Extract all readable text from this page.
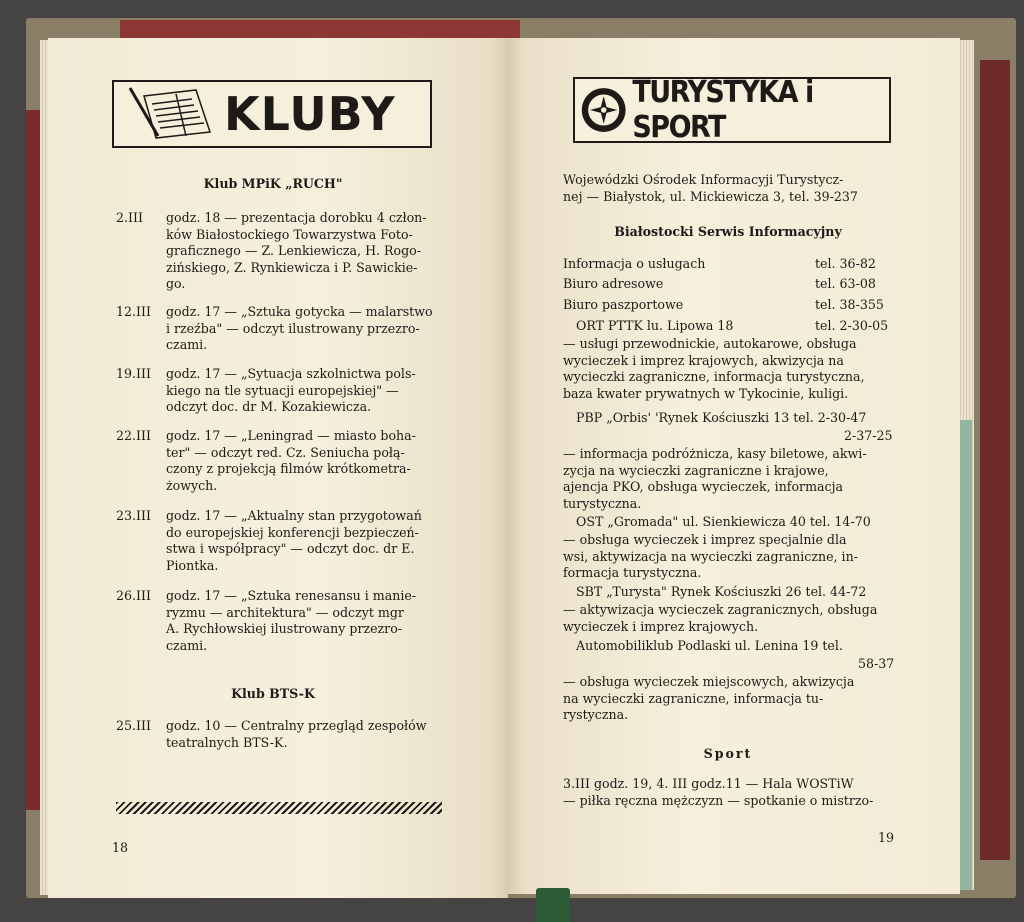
KLUBY
Klub MPiK „RUCH"
2.III	godz. 18 — prezentacja dorobku 4 człon-
ków Białostockiego Towarzystwa Foto-
graficznego — Z. Lenkiewicza, H. Rogo-
zińskiego, Z. Rynkiewicza i P. Sawickie-
go.
12.III	godz. 17 — „Sztuka gotycka — malarstwo
i rzeźba" — odczyt ilustrowany przezro-
czami.
19.III	godz. 17 — „Sytuacja szkolnictwa pols-
kiego na tle sytuacji europejskiej" —
odczyt doc. dr M. Kozakiewicza.
22.III	godz. 17 — „Leningrad — miasto boha-
ter" — odczyt red. Cz. Seniucha połą-
czony z projekcją filmów krótkometra-
żowych.
23.III	godz. 17 — „Aktualny stan przygotowań
do europejskiej konferencji bezpieczeń-
stwa i współpracy" — odczyt doc. dr E.
Piontka.
26.III	godz. 17 — „Sztuka renesansu i manie-
ryzmu — architektura" — odczyt mgr
A. Rychłowskiej ilustrowany przezro-
czami.
Klub BTS-K
25.III	godz. 10 — Centralny przegląd zespołów
teatralnych BTS-K.
18
TURYSTYKA i SPORT
Wojewódzki Ośrodek Informacyji Turystycz-
nej — Białystok, ul. Mickiewicza 3, tel. 39-237
Białostocki Serwis Informacyjny
Informacja o usługach	tel. 36-82
Biuro adresowe	tel. 63-08
Biuro paszportowe	tel. 38-355
ORT PTTK lu. Lipowa 18	tel. 2-30-05
— usługi przewodnickie, autokarowe, obsługa
wycieczek i imprez krajowych, akwizycja na
wycieczki zagraniczne, informacja turystyczna,
baza kwater prywatnych w Tykocinie, kuligi.
PBP „Orbis' 'Rynek Kościuszki 13 tel. 2-30-47
2-37-25
— informacja podróżnicza, kasy biletowe, akwi-
zycja na wycieczki zagraniczne i krajowe,
ajencja PKO, obsługa wycieczek, informacja
turystyczna.
OST „Gromada" ul. Sienkiewicza 40 tel. 14-70
— obsługa wycieczek i imprez specjalnie dla
wsi, aktywizacja na wycieczki zagraniczne, in-
formacja turystyczna.
SBT „Turysta" Rynek Kościuszki 26 tel. 44-72
— aktywizacja wycieczek zagranicznych, obsługa
wycieczek i imprez krajowych.
Automobiliklub Podlaski ul. Lenina 19 tel.
58-37
— obsługa wycieczek miejscowych, akwizycja
na wycieczki zagraniczne, informacja tu-
rystyczna.
Sport
3.III godz. 19, 4. III godz.11 — Hala WOSTiW
— piłka ręczna mężczyzn — spotkanie o mistrzo-
19
